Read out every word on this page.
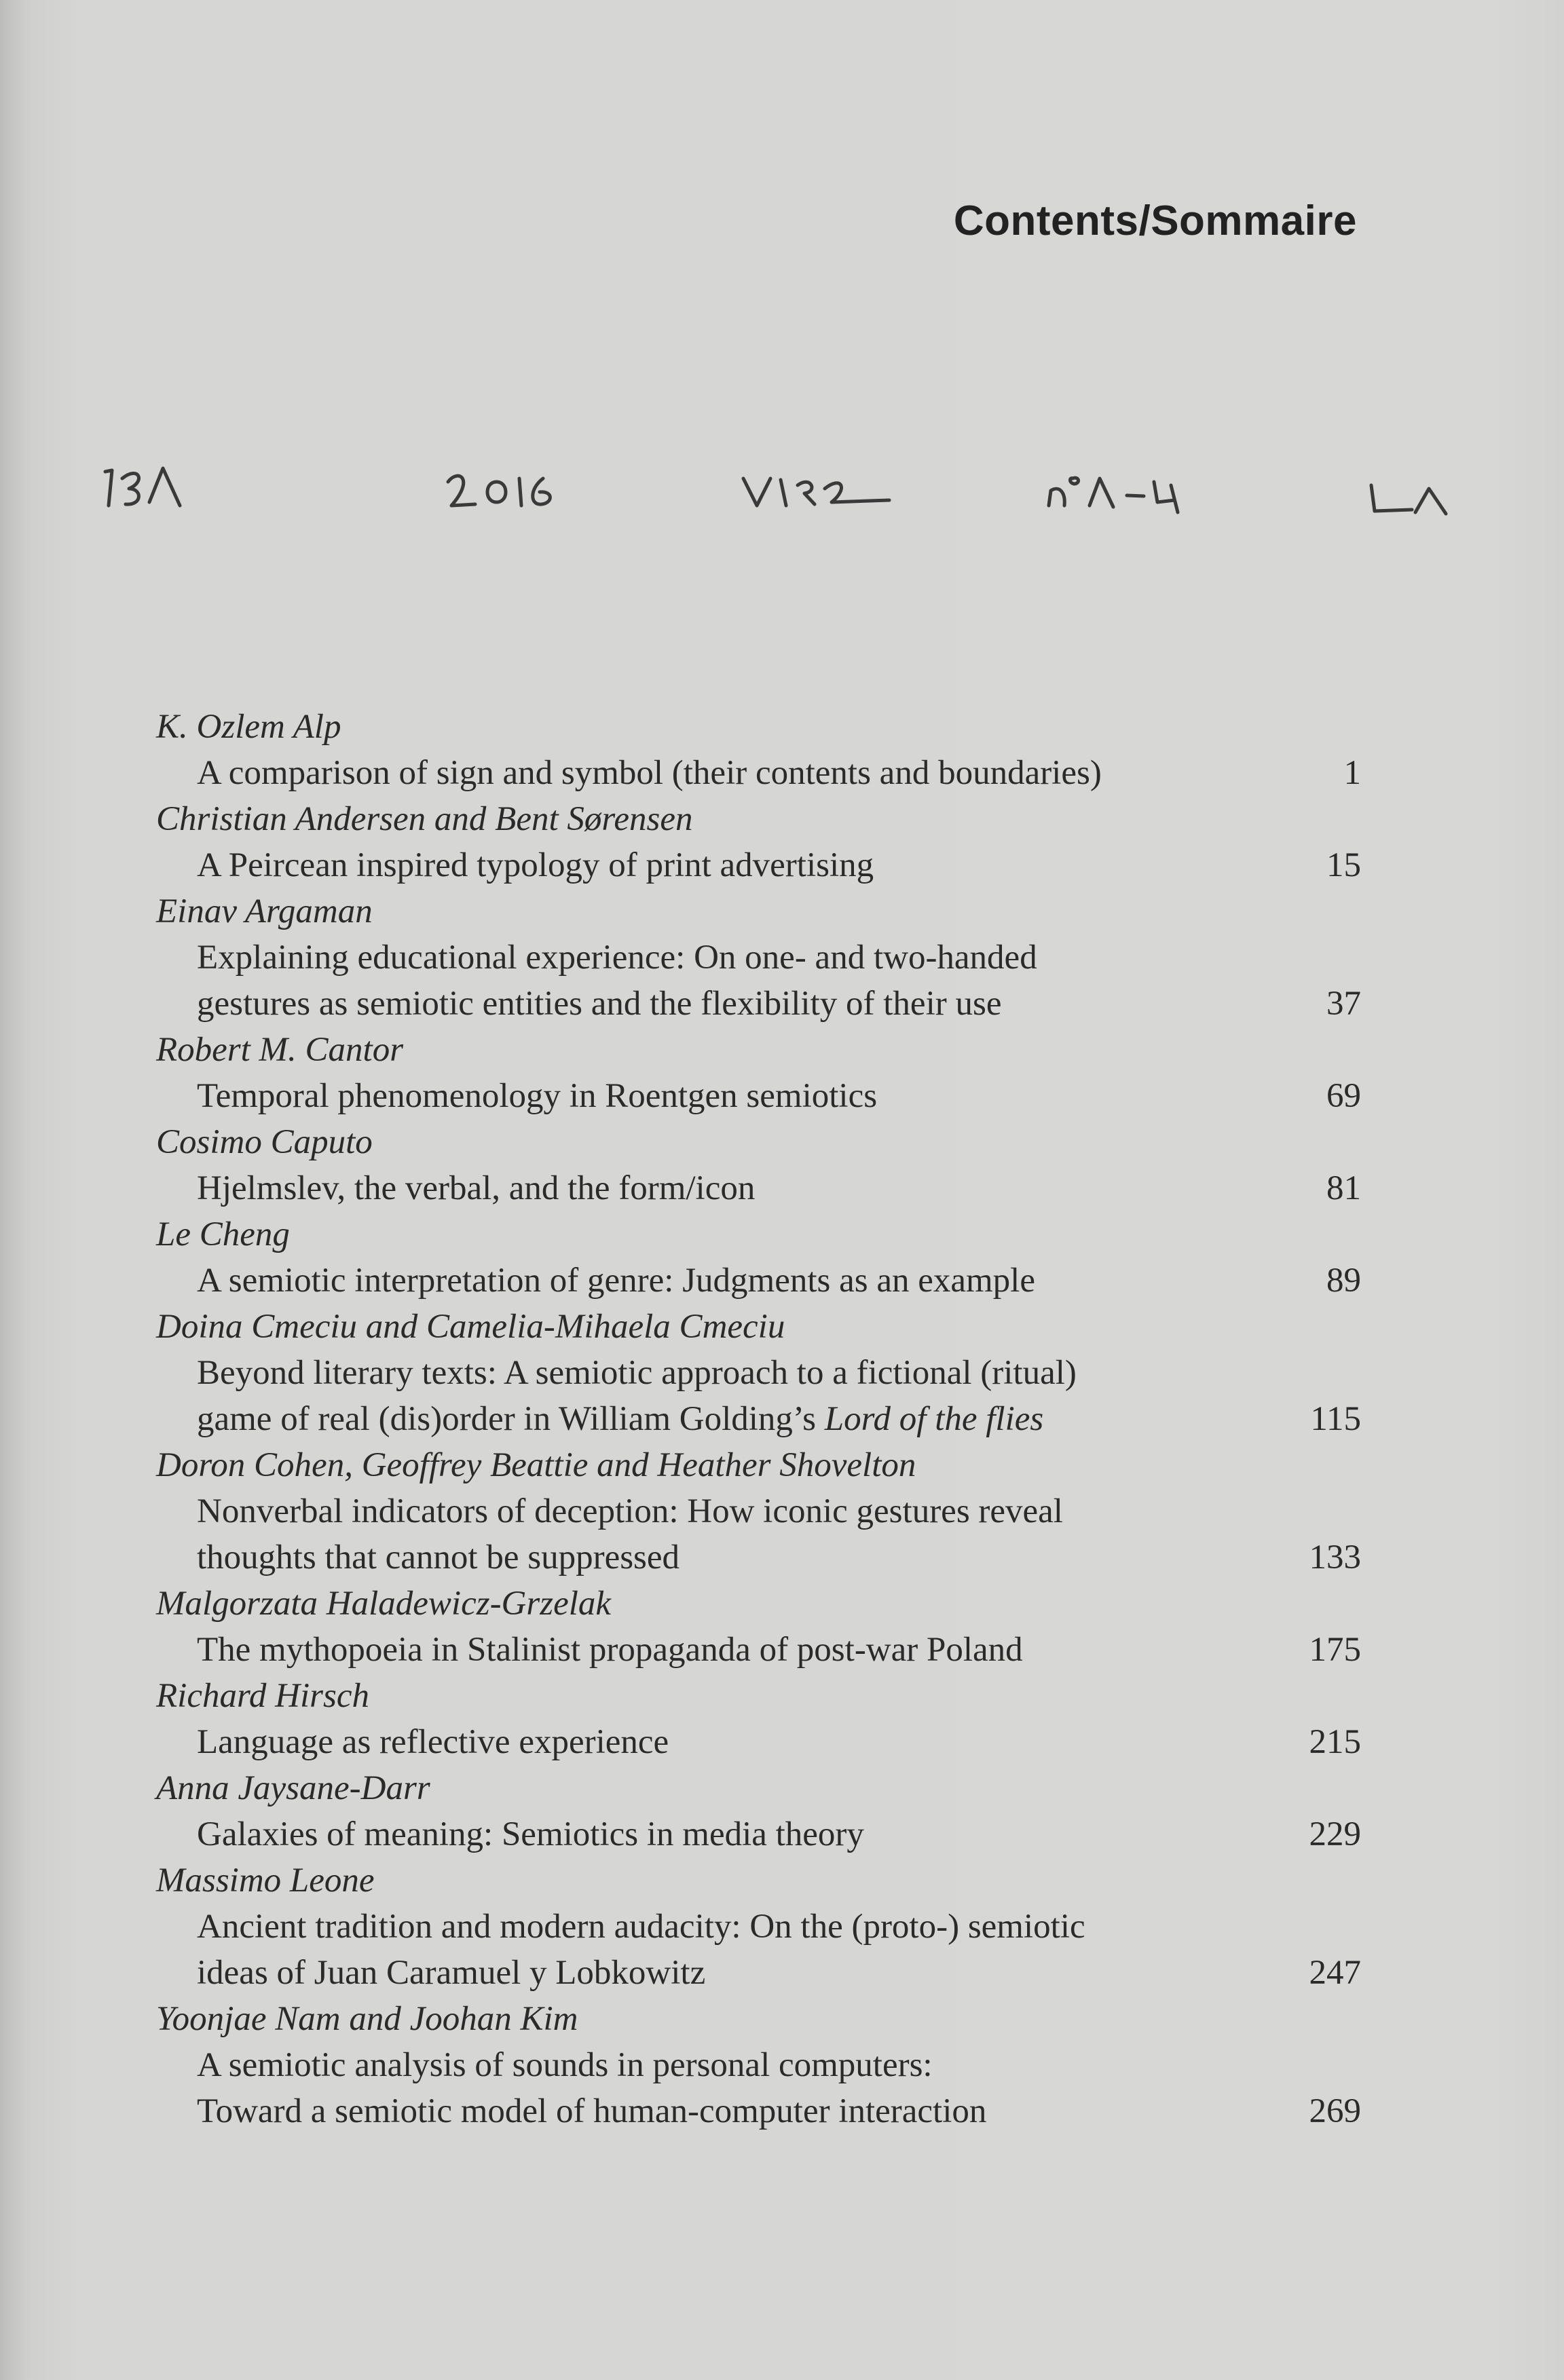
Contents/Sommaire
K. Ozlem Alp
A comparison of sign and symbol (their contents and boundaries)	1
Christian Andersen and Bent Sørensen
A Peircean inspired typology of print advertising	15
Einav Argaman
Explaining educational experience: On one- and two-handed
gestures as semiotic entities and the flexibility of their use	37
Robert M. Cantor
Temporal phenomenology in Roentgen semiotics	69
Cosimo Caputo
Hjelmslev, the verbal, and the form/icon	81
Le Cheng
A semiotic interpretation of genre: Judgments as an example	89
Doina Cmeciu and Camelia-Mihaela Cmeciu
Beyond literary texts: A semiotic approach to a fictional (ritual)
game of real (dis)order in William Golding’s Lord of the flies	115
Doron Cohen, Geoffrey Beattie and Heather Shovelton
Nonverbal indicators of deception: How iconic gestures reveal
thoughts that cannot be suppressed	133
Malgorzata Haladewicz-Grzelak
The mythopoeia in Stalinist propaganda of post-war Poland	175
Richard Hirsch
Language as reflective experience	215
Anna Jaysane-Darr
Galaxies of meaning: Semiotics in media theory	229
Massimo Leone
Ancient tradition and modern audacity: On the (proto-) semiotic
ideas of Juan Caramuel y Lobkowitz	247
Yoonjae Nam and Joohan Kim
A semiotic analysis of sounds in personal computers:
Toward a semiotic model of human-computer interaction	269
